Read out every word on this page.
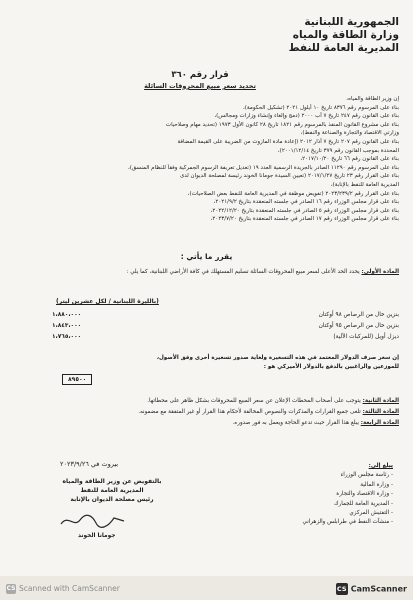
الجمهورية اللبنانية
وزارة الطاقة والمياه
المديرية العامة للنفط
قرار رقم ٣٦٠
تحديد سعر مبيع المحروقات السائلة
إن وزير الطاقة والمياه،
بناء على المرسوم رقم ٨٣٧٦ تاريخ ١٠ أيلول ٢٠٢١ (تشكيل الحكومة)،
بناء على القانون رقم ٢٤٧ تاريخ ٧ آب ٢٠٠٠ (دمج وإلغاء وإنشاء وزارات ومجالس)،
بناء على مشروع القانون المنفذ بالمرسوم رقم ١٨٢١ تاريخ ٢٨ كانون الأول ١٩٧٣ (تحديد مهام وصلاحيات
وزارتي الاقتصاد والتجارة والصناعة والنفط)،
بناء على القانون رقم ٢٠٧ تاريخ ٧ آذار ٢٠١٢ (إعادة مادة المازوت من الضريبة على القيمة المضافة
المحددة بموجب القانون رقم ٣٧٩ تاريخ ٢٠٠١/١٢/١٤)،
بناء على القانون رقم ٦٦ تاريخ ٢٠١٧/١٠/٢٠،
بناء على المرسوم رقم ١١٢٩٠ الصادر بالجريدة الرسمية العدد ١٩ (تعديل تعريفة الرسوم الجمركية وفقاً للنظام المنسق)،
بناء على القرار رقم ٢٣ تاريخ ٢٠١٧/١/٢٧ (تعيين السيدة جومانا الخوند رئيسة لمصلحة الديوان لدى
المديرية العامة للنفط بالإنابة)،
بناء على القرار رقم ٢٠٢٣/٢٣٩/٢ (تفويض موظفة في المديرية العامة للنفط بعض الصلاحيات)،
بناء على قرار مجلس الوزراء رقم ١٦ الصادر في جلسته المنعقدة بتاريخ ٢٠٢١/٩/٢،
بناء على قرار مجلس الوزراء رقم ٥ الصادر في جلسته المنعقدة بتاريخ ٢٠٢٢/١٢/٢٠،
بناء على قرار مجلس الوزراء رقم ١٧ الصادر في جلسته المنعقدة بتاريخ ٢٠٢٣/٧/٢٠،
يقرر ما يأتي :
المادة الأولى: يحدد الحد الأعلى لسعر مبيع المحروقات السائلة تسليم المستهلك في كافة الأراضي اللبنانية، كما يلي :
(بالليرة اللبنانية / لكل عشرين ليتر)
بنزين خال من الرصاص ٩٨ أوكتان
١،٨٨٠،٠٠٠
بنزين خال من الرصاص ٩٥ أوكتان
١،٨٤٣،٠٠٠
ديزل أويل (للمركبات الآلية)
١،٧٦٥،٠٠٠
إن سعر صرف الدولار المعتمد في هذه التسعيرة ولغاية صدور تسعيرة أخرى وفق الأصول،
للموزعين والراغبين بالدفع بالدولار الأميركي هو :
٨٩٥٠٠
المادة الثانية: يتوجب على أصحاب المحطات الإعلان عن سعر المبيع للمحروقات بشكل ظاهر على محطاتها.
المادة الثالثة: تلغى جميع القرارات والمذكرات والنصوص المخالفة لأحكام هذا القرار أو غير المتفقة مع مضمونه.
المادة الرابعة: يبلغ هذا القرار حيث تدعو الحاجة ويعمل به فور صدوره.
بيروت في ٢٠٢٣/٩/٢٦
بالتفويض عن وزير الطاقة والمياه
المديرية العامة للنفط
رئيس مصلحة الديوان بالإنابة
جومانا الخوند
يبلغ إلى:
- رئاسة مجلس الوزراء
- وزارة المالية
- وزارة الاقتصاد والتجارة
- المديرية العامة للجمارك
- التفتيش المركزي
- منشآت النفط في طرابلس والزهراني
CS Scanned with CamScanner	CS CamScanner
